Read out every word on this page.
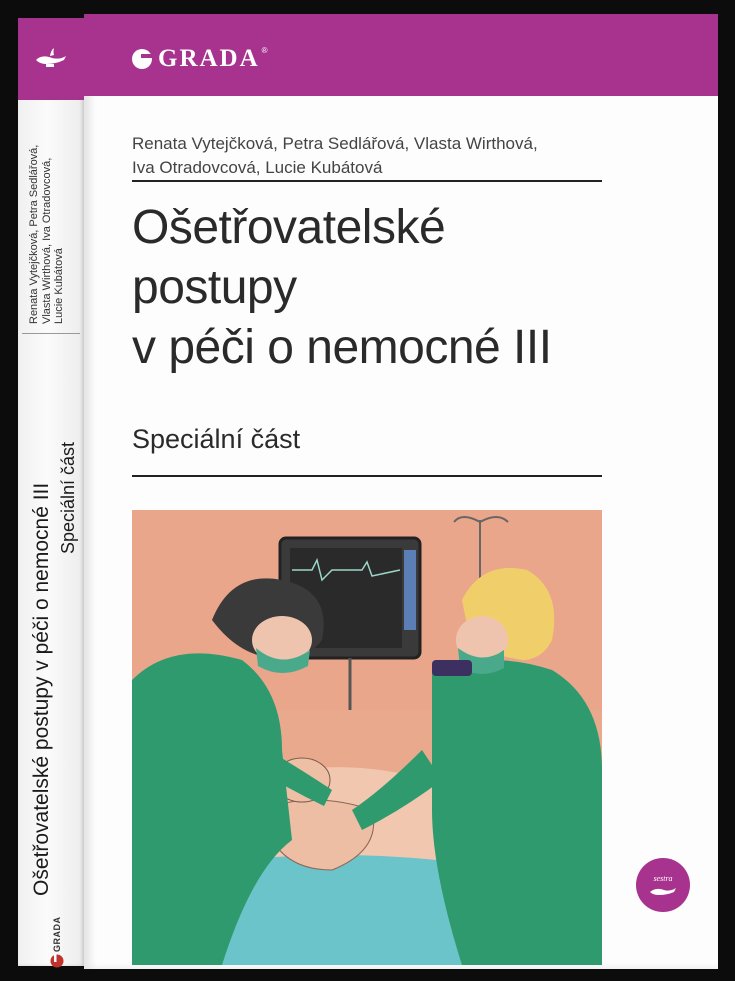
GRADA
Ošetřovatelské postupy v péči o nemocné III Speciální část
Renata Vytejčková, Petra Sedlářová, Vlasta Wirthová, Iva Otradovcová, Lucie Kubátová
GRADA ®
Renata Vytejčková, Petra Sedlářová, Vlasta Wirthová,
Iva Otradovcová, Lucie Kubátová
Ošetřovatelské
postupy
v péči o nemocné III
Speciální část
sestra
